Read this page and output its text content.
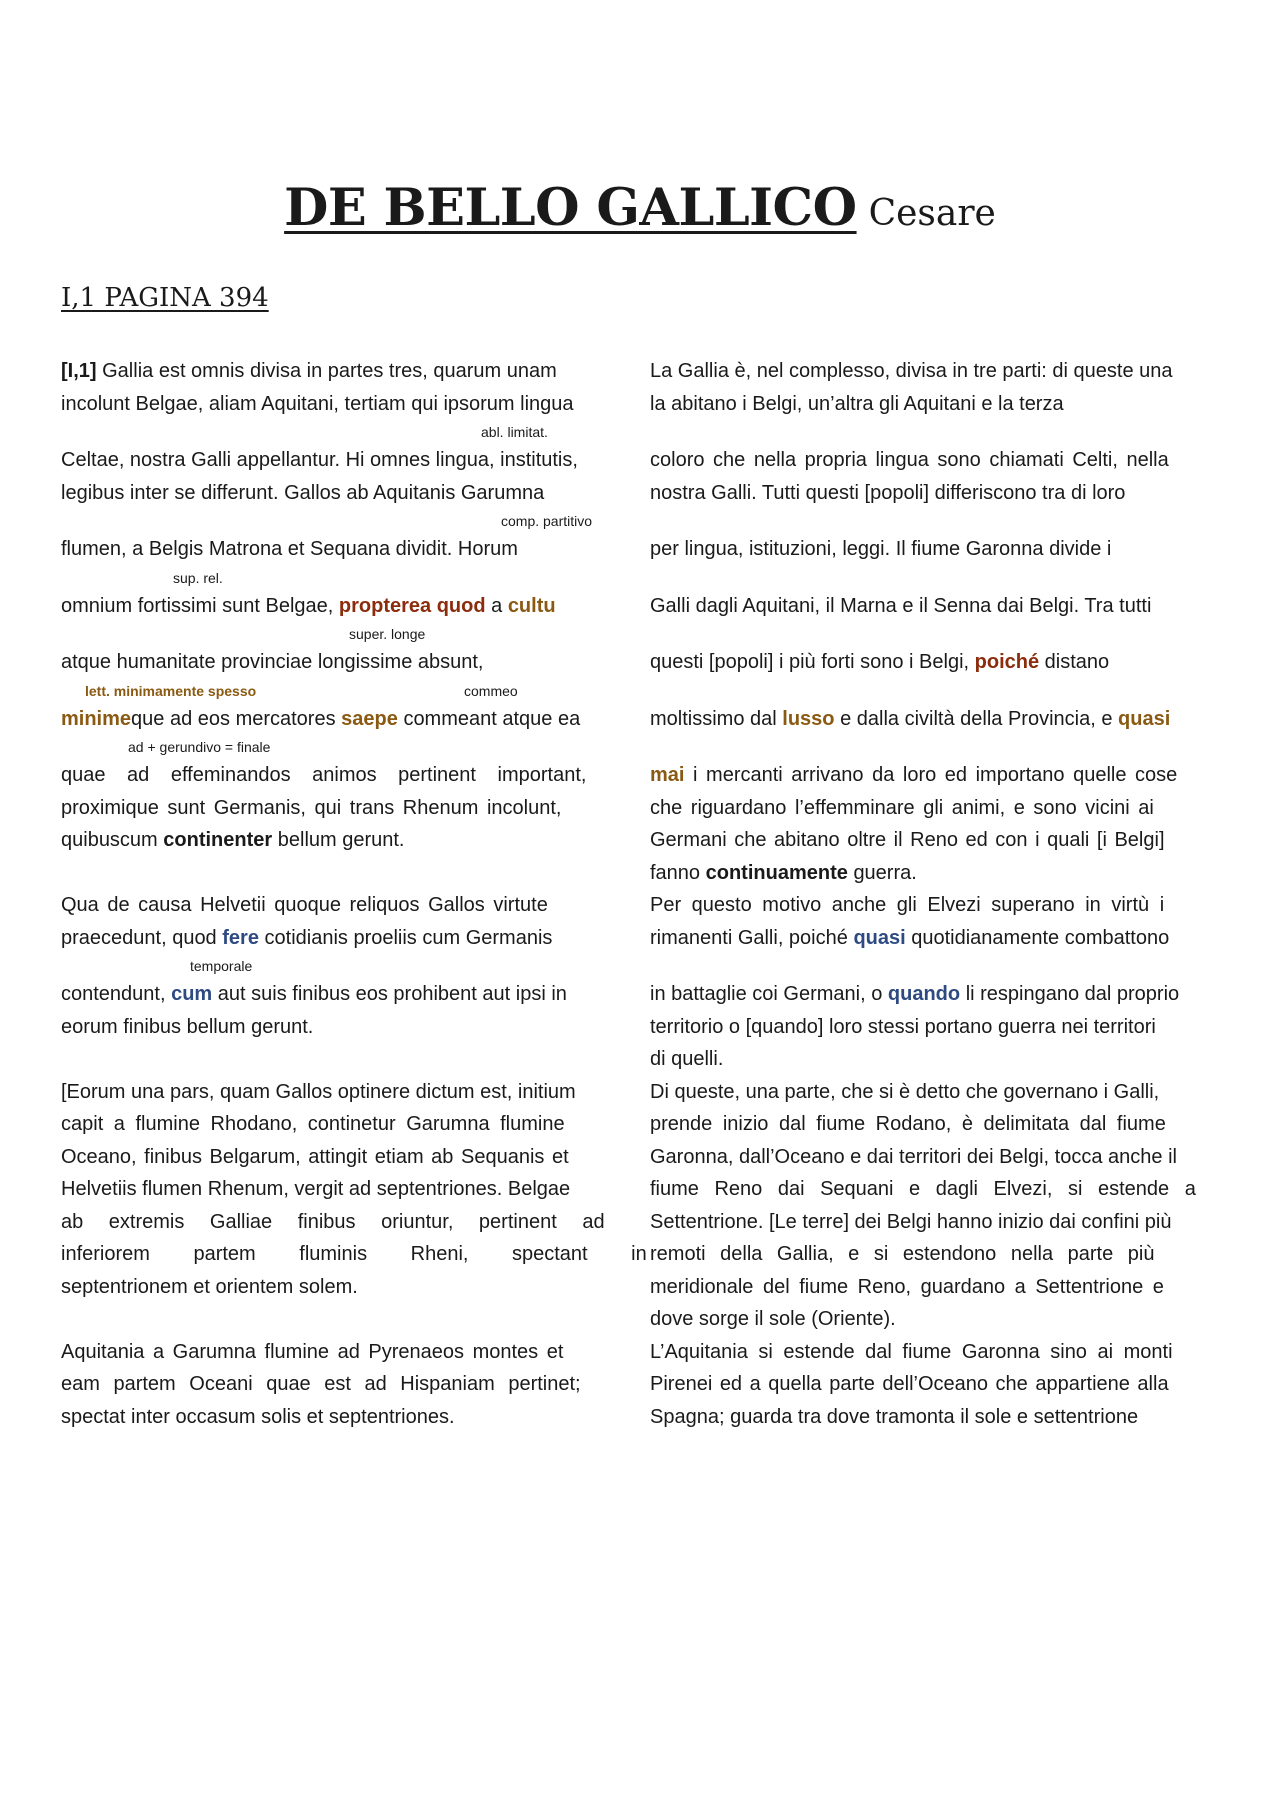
DE BELLO GALLICO Cesare
I,1 PAGINA 394
[I,1] Gallia est omnis divisa in partes tres, quarum unam
incolunt Belgae, aliam Aquitani, tertiam qui ipsorum lingua
abl. limitat.
Celtae, nostra Galli appellantur. Hi omnes lingua, institutis,
legibus inter se differunt. Gallos ab Aquitanis Garumna
comp. partitivo
flumen, a Belgis Matrona et Sequana dividit. Horum
sup. rel.
omnium fortissimi sunt Belgae, propterea quod a cultu
super. longe
atque humanitate provinciae longissime absunt,
lett. minimamente spesso	commeo
minimeque ad eos mercatores saepe commeant atque ea
ad + gerundivo = finale
quae ad effeminandos animos pertinent important,
proximique sunt Germanis, qui trans Rhenum incolunt,
quibuscum continenter bellum gerunt.
Qua de causa Helvetii quoque reliquos Gallos virtute
praecedunt, quod fere cotidianis proeliis cum Germanis
temporale
contendunt, cum aut suis finibus eos prohibent aut ipsi in
eorum finibus bellum gerunt.
[Eorum una pars, quam Gallos optinere dictum est, initium
capit a flumine Rhodano, continetur Garumna flumine
Oceano, finibus Belgarum, attingit etiam ab Sequanis et
Helvetiis flumen Rhenum, vergit ad septentriones. Belgae
ab extremis Galliae finibus oriuntur, pertinent ad
inferiorem partem fluminis Rheni, spectant in
septentrionem et orientem solem.
Aquitania a Garumna flumine ad Pyrenaeos montes et
eam partem Oceani quae est ad Hispaniam pertinet;
spectat inter occasum solis et septentriones.
La Gallia è, nel complesso, divisa in tre parti: di queste una
la abitano i Belgi, un’altra gli Aquitani e la terza
coloro che nella propria lingua sono chiamati Celti, nella
nostra Galli. Tutti questi [popoli] differiscono tra di loro
per lingua, istituzioni, leggi. Il fiume Garonna divide i
Galli dagli Aquitani, il Marna e il Senna dai Belgi. Tra tutti
questi [popoli] i più forti sono i Belgi, poiché distano
moltissimo dal lusso e dalla civiltà della Provincia, e quasi
mai i mercanti arrivano da loro ed importano quelle cose
che riguardano l’effemminare gli animi, e sono vicini ai
Germani che abitano oltre il Reno ed con i quali [i Belgi]
fanno continuamente guerra.
Per questo motivo anche gli Elvezi superano in virtù i
rimanenti Galli, poiché quasi quotidianamente combattono
in battaglie coi Germani, o quando li respingano dal proprio
territorio o [quando] loro stessi portano guerra nei territori
di quelli.
Di queste, una parte, che si è detto che governano i Galli,
prende inizio dal fiume Rodano, è delimitata dal fiume
Garonna, dall’Oceano e dai territori dei Belgi, tocca anche il
fiume Reno dai Sequani e dagli Elvezi, si estende a
Settentrione. [Le terre] dei Belgi hanno inizio dai confini più
remoti della Gallia, e si estendono nella parte più
meridionale del fiume Reno, guardano a Settentrione e
dove sorge il sole (Oriente).
L’Aquitania si estende dal fiume Garonna sino ai monti
Pirenei ed a quella parte dell’Oceano che appartiene alla
Spagna; guarda tra dove tramonta il sole e settentrione
